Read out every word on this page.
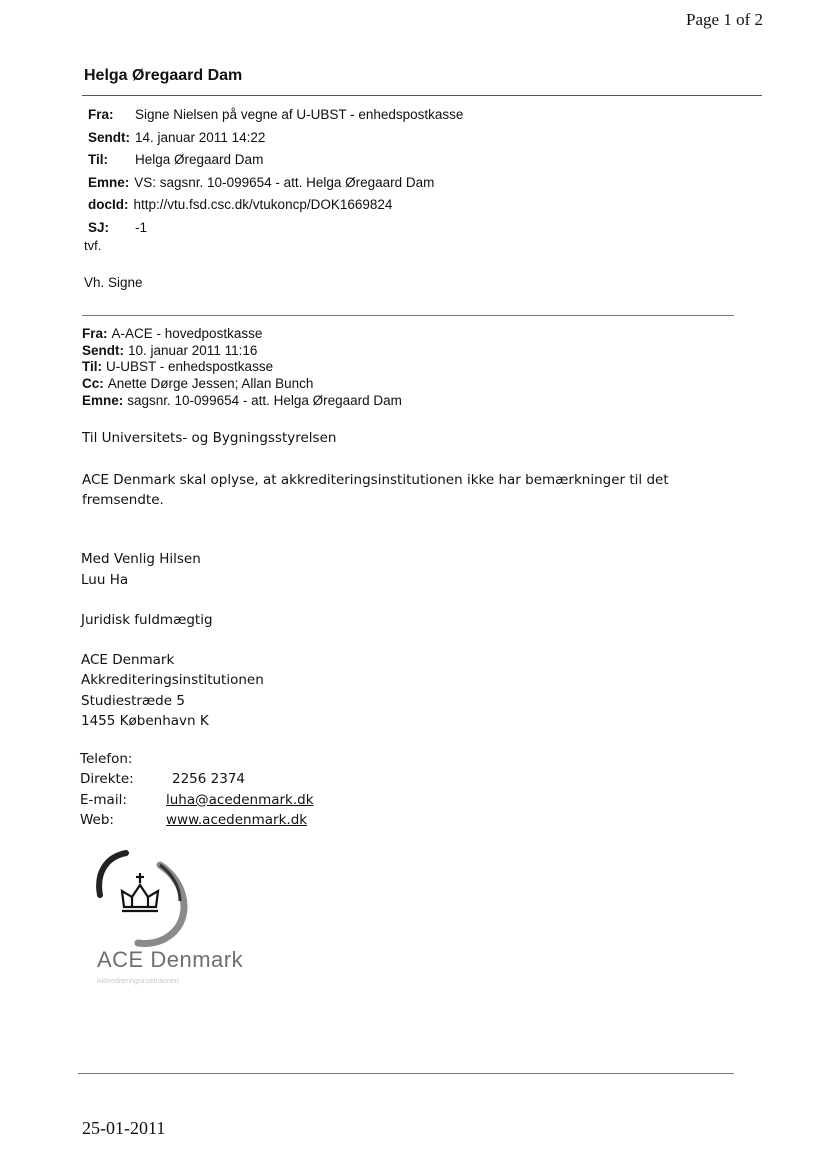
Page 1 of 2
Helga Øregaard Dam
Fra:	Signe Nielsen på vegne af U-UBST - enhedspostkasse
Sendt: 14. januar 2011 14:22
Til:	Helga Øregaard Dam
Emne: VS: sagsnr. 10-099654 - att. Helga Øregaard Dam
docId: http://vtu.fsd.csc.dk/vtukoncp/DOK1669824
SJ:	-1
tvf.
Vh. Signe
Fra: A-ACE - hovedpostkasse
Sendt: 10. januar 2011 11:16
Til: U-UBST - enhedspostkasse
Cc: Anette Dørge Jessen; Allan Bunch
Emne: sagsnr. 10-099654 - att. Helga Øregaard Dam
Til Universitets- og Bygningsstyrelsen
ACE Denmark skal oplyse, at akkrediteringsinstitutionen ikke har bemærkninger til det fremsendte.
Med Venlig Hilsen
Luu Ha
Juridisk fuldmægtig
ACE Denmark
Akkrediteringsinstitutionen
Studiestræde 5
1455 København K
Telefon:
Direkte:	2256 2374
E-mail:	luha@acedenmark.dk
Web:	www.acedenmark.dk
ACE Denmark
Akkrediteringsinstitutionen
25-01-2011
